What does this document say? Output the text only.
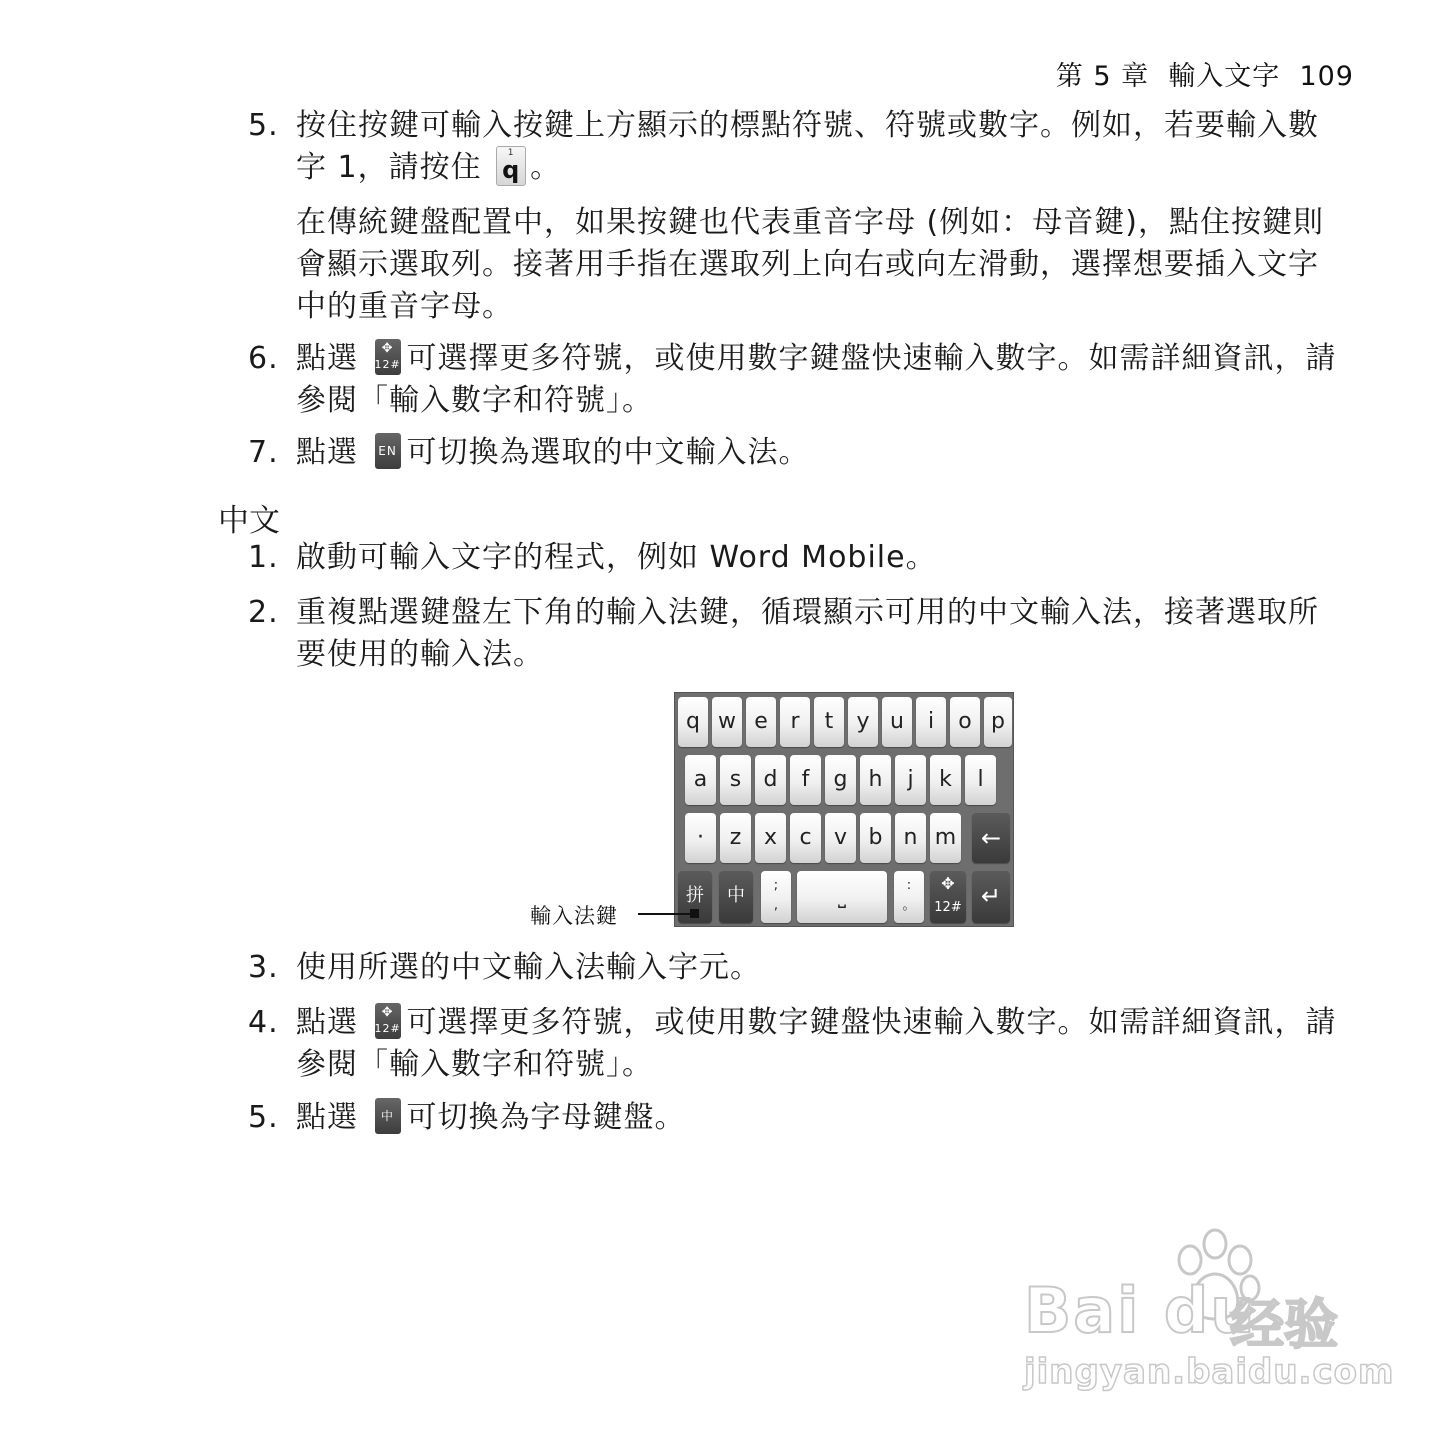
第 5 章 輸入文字 109
5. 按住按鍵可輸入按鍵上方顯示的標點符號、符號或數字。例如，若要輸入數字 1，請按住	1
q 。
在傳統鍵盤配置中，如果按鍵也代表重音字母 (例如：母音鍵)，點住按鍵則會顯示選取列。接著用手指在選取列上向右或向左滑動，選擇想要插入文字中的重音字母。
6. 點選	✥
12# 可選擇更多符號，或使用數字鍵盤快速輸入數字。如需詳細資訊，請參閱「輸入數字和符號」。
7. 點選	EN 可切換為選取的中文輸入法。
中文
1. 啟動可輸入文字的程式，例如 Word Mobile。
2. 重複點選鍵盤左下角的輸入法鍵，循環顯示可用的中文輸入法，接著選取所要使用的輸入法。
q w e	r	t	y u	i	o p
a	s	d	f	g h	j	k	l
·	z	x	c	v b n m	←
拼	中	;
,	⎵	:
。
✥
12# ↵
輸入法鍵
3. 使用所選的中文輸入法輸入字元。
4. 點選	✥
12# 可選擇更多符號，或使用數字鍵盤快速輸入數字。如需詳細資訊，請參閱「輸入數字和符號」。
5. 點選	中 可切換為字母鍵盤。
Bai du
经验
jingyan.baidu.com
